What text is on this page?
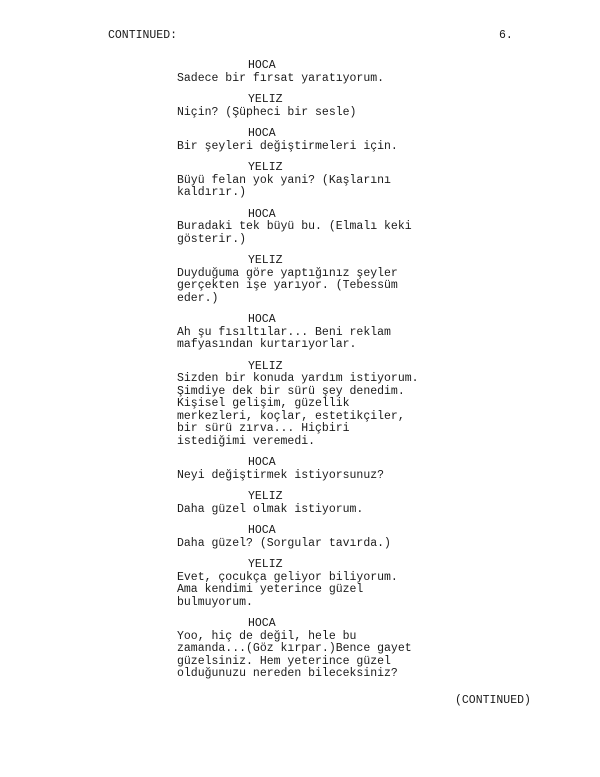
CONTINUED:	6.
HOCA
Sadece bir fırsat yaratıyorum.
YELIZ
Niçin? (Şüpheci bir sesle)
HOCA
Bir şeyleri değiştirmeleri için.
YELIZ
Büyü felan yok yani? (Kaşlarını
kaldırır.)
HOCA
Buradaki tek büyü bu. (Elmalı keki
gösterir.)
YELIZ
Duyduğuma göre yaptığınız şeyler
gerçekten işe yarıyor. (Tebessüm
eder.)
HOCA
Ah şu fısıltılar... Beni reklam
mafyasından kurtarıyorlar.
YELIZ
Sizden bir konuda yardım istiyorum.
Şimdiye dek bir sürü şey denedim.
Kişisel gelişim, güzellik
merkezleri, koçlar, estetikçiler,
bir sürü zırva... Hiçbiri
istediğimi veremedi.
HOCA
Neyi değiştirmek istiyorsunuz?
YELIZ
Daha güzel olmak istiyorum.
HOCA
Daha güzel? (Sorgular tavırda.)
YELIZ
Evet, çocukça geliyor biliyorum.
Ama kendimi yeterince güzel
bulmuyorum.
HOCA
Yoo, hiç de değil, hele bu
zamanda...(Göz kırpar.)Bence gayet
güzelsiniz. Hem yeterince güzel
olduğunuzu nereden bileceksiniz?
(CONTINUED)
